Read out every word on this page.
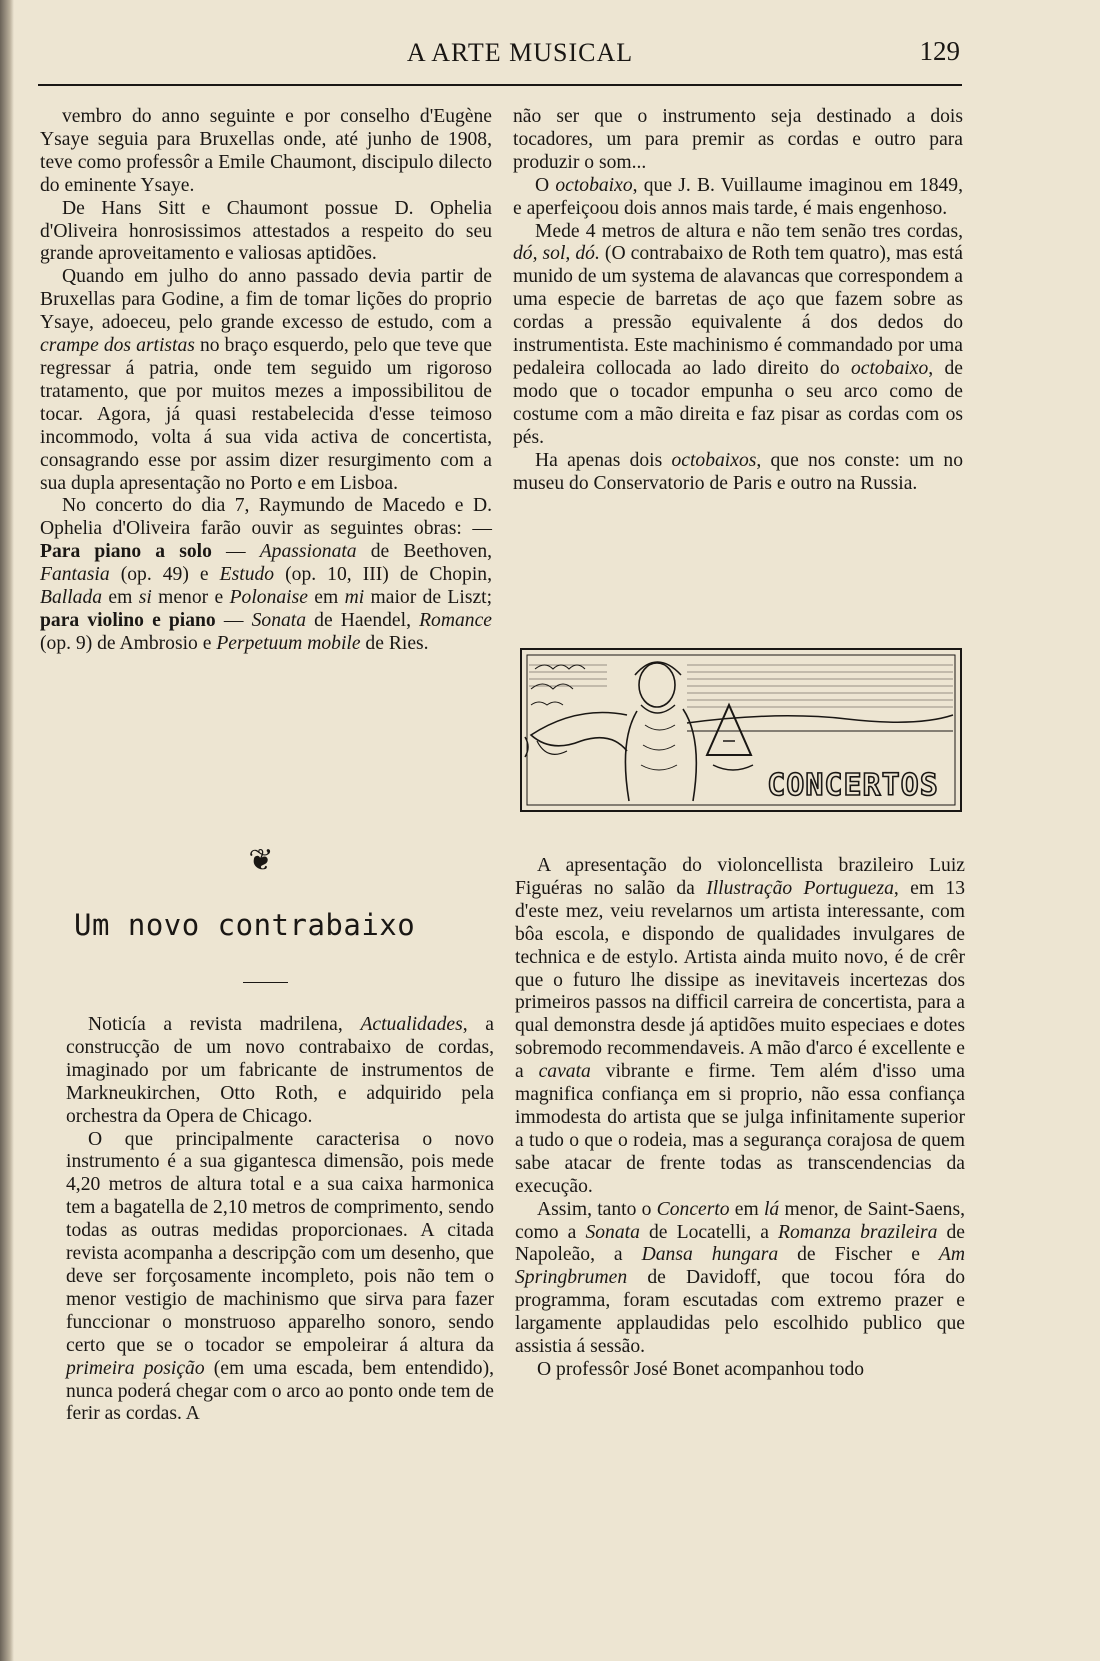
A ARTE MUSICAL	129

vembro do anno seguinte e por conselho d'Eugène Ysaye seguia para Bruxellas onde, até junho de 1908, teve como professôr a Emile Chaumont, discipulo dilecto do eminente Ysaye.

De Hans Sitt e Chaumont possue D. Ophelia d'Oliveira honrosissimos attestados a respeito do seu grande aproveitamento e valiosas aptidões.

Quando em julho do anno passado devia partir de Bruxellas para Godine, a fim de tomar lições do proprio Ysaye, adoeceu, pelo grande excesso de estudo, com a crampe dos artistas no braço esquerdo, pelo que teve que regressar á patria, onde tem seguido um rigoroso tratamento, que por muitos mezes a impossibilitou de tocar. Agora, já quasi restabelecida d'esse teimoso incommodo, volta á sua vida activa de concertista, consagrando esse por assim dizer resurgimento com a sua dupla apresentação no Porto e em Lisboa.

No concerto do dia 7, Raymundo de Macedo e D. Ophelia d'Oliveira farão ouvir as seguintes obras: — Para piano a solo — Apassionata de Beethoven, Fantasia (op. 49) e Estudo (op. 10, III) de Chopin, Ballada em si menor e Polonaise em mi maior de Liszt; para violino e piano — Sonata de Haendel, Romance (op. 9) de Ambrosio e Perpetuum mobile de Ries.

❦
Um novo contrabaixo

Noticía a revista madrilena, Actualidades, a construcção de um novo contrabaixo de cordas, imaginado por um fabricante de instrumentos de Markneukirchen, Otto Roth, e adquirido pela orchestra da Opera de Chicago.

O que principalmente caracterisa o novo instrumento é a sua gigantesca dimensão, pois mede 4,20 metros de altura total e a sua caixa harmonica tem a bagatella de 2,10 metros de comprimento, sendo todas as outras medidas proporcionaes. A citada revista acompanha a descripção com um desenho, que deve ser forçosamente incompleto, pois não tem o menor vestigio de machinismo que sirva para fazer funccionar o monstruoso apparelho sonoro, sendo certo que se o tocador se empoleirar á altura da primeira posição (em uma escada, bem entendido), nunca poderá chegar com o arco ao ponto onde tem de ferir as cordas. A

não ser que o instrumento seja destinado a dois tocadores, um para premir as cordas e outro para produzir o som...

O octobaixo, que J. B. Vuillaume imaginou em 1849, e aperfeiçoou dois annos mais tarde, é mais engenhoso.

Mede 4 metros de altura e não tem senão tres cordas, dó, sol, dó. (O contrabaixo de Roth tem quatro), mas está munido de um systema de alavancas que correspondem a uma especie de barretas de aço que fazem sobre as cordas a pressão equivalente á dos dedos do instrumentista. Este machinismo é commandado por uma pedaleira collocada ao lado direito do octobaixo, de modo que o tocador empunha o seu arco como de costume com a mão direita e faz pisar as cordas com os pés.

Ha apenas dois octobaixos, que nos conste: um no museu do Conservatorio de Paris e outro na Russia.

CONCERTOS

A apresentação do violoncellista brazileiro Luiz Figuéras no salão da Illustração Portugueza, em 13 d'este mez, veiu revelarnos um artista interessante, com bôa escola, e dispondo de qualidades invulgares de technica e de estylo. Artista ainda muito novo, é de crêr que o futuro lhe dissipe as inevitaveis incertezas dos primeiros passos na difficil carreira de concertista, para a qual demonstra desde já aptidões muito especiaes e dotes sobremodo recommendaveis. A mão d'arco é excellente e a cavata vibrante e firme. Tem além d'isso uma magnifica confiança em si proprio, não essa confiança immodesta do artista que se julga infinitamente superior a tudo o que o rodeia, mas a segurança corajosa de quem sabe atacar de frente todas as transcendencias da execução.

Assim, tanto o Concerto em lá menor, de Saint-Saens, como a Sonata de Locatelli, a Romanza brazileira de Napoleão, a Dansa hungara de Fischer e Am Springbrumen de Davidoff, que tocou fóra do programma, foram escutadas com extremo prazer e largamente applaudidas pelo escolhido publico que assistia á sessão.

O professôr José Bonet acompanhou todo
